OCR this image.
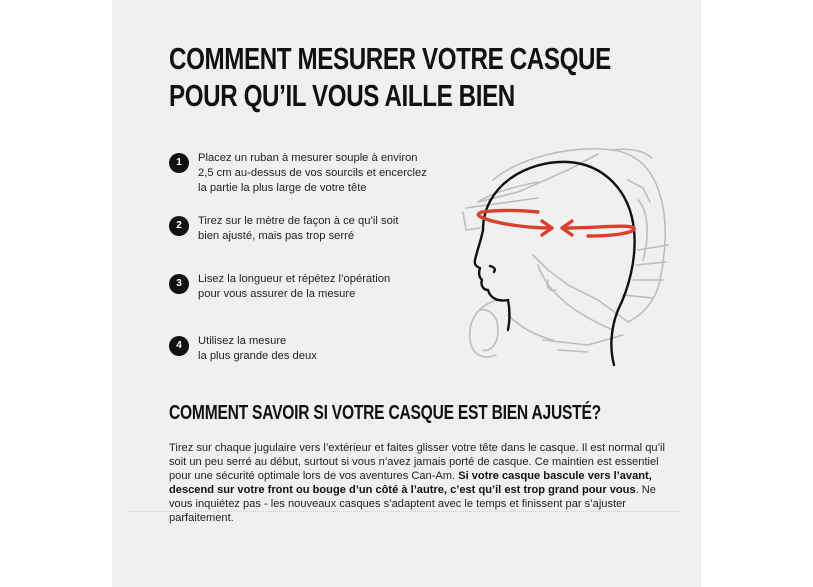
COMMENT MESURER VOTRE CASQUE
POUR QU’IL VOUS AILLE BIEN
1	Placez un ruban à mesurer souple à environ
2,5 cm au-dessus de vos sourcils et encerclez
la partie la plus large de votre tête
2	Tirez sur le mètre de façon à ce qu’il soit
bien ajusté, mais pas trop serré
3	Lisez la longueur et répétez l’opération
pour vous assurer de la mesure
4	Utilisez la mesure
la plus grande des deux
COMMENT SAVOIR SI VOTRE CASQUE EST BIEN AJUSTÉ?

Tirez sur chaque jugulaire vers l’extérieur et faites glisser votre tête dans le casque. Il est normal qu’il soit un peu serré au début, surtout si vous n’avez jamais porté de casque. Ce maintien est essentiel pour une sécurité optimale lors de vos aventures Can-Am. Si votre casque bascule vers l’avant, descend sur votre front ou bouge d’un côté à l’autre, c’est qu’il est trop grand pour vous. Ne vous inquiétez pas - les nouveaux casques s’adaptent avec le temps et finissent par s’ajuster parfaitement.
